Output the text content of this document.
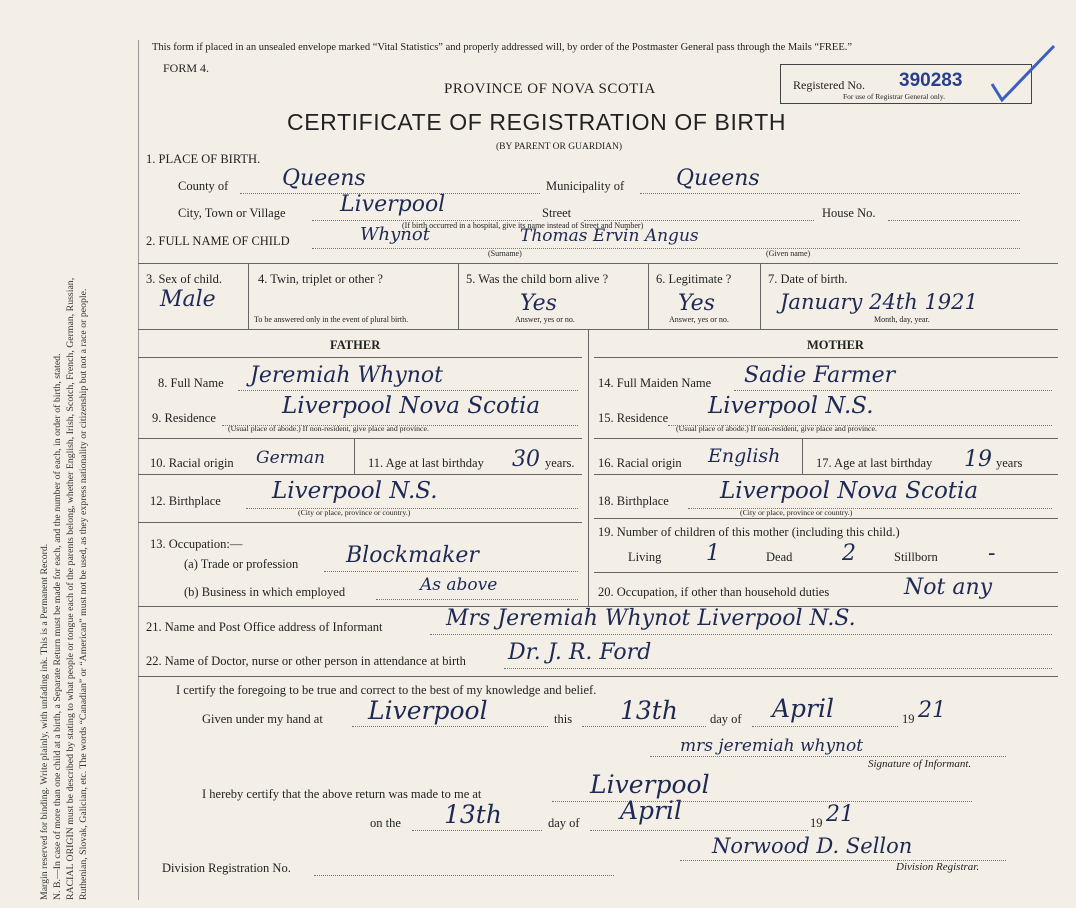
Margin reserved for binding. Write plainly, with unfading ink. This is a Permanent Record. N. B.—In case of more than one child at a birth, a Separate Return must be made for each, and the number of each, in order of birth, stated. RACIAL ORIGIN must be described by stating to what people or tongue each of the parents belong, whether English, Irish, Scotch, French, German, Russian, Ruthenian, Slovak, Galician, etc. The words “Canadian” or “American” must not be used, as they express nationality or citizenship but not a race or people.
This form if placed in an unsealed envelope marked “Vital Statistics” and properly addressed will, by order of the Postmaster General pass through the Mails “FREE.”
FORM 4.
PROVINCE OF NOVA SCOTIA
CERTIFICATE OF REGISTRATION OF BIRTH
(BY PARENT OR GUARDIAN)
Registered No. 390283
For use of Registrar General only.
1. PLACE OF BIRTH.
County of Queens	Municipality of Queens
City, Town or Village Liverpool	Street	House No.
(If birth occurred in a hospital, give its name instead of Street and Number)
2. FULL NAME OF CHILD	Whynot	Thomas Ervin Angus
(Surname)	(Given name)
3. Sex of child.
Male
4. Twin, triplet or other ?
To be answered only in the event of plural birth.
5. Was the child born alive ?
Yes
Answer, yes or no.
6. Legitimate ?
Yes
Answer, yes or no.
7. Date of birth.
January 24th 1921
Month, day, year.
FATHER	MOTHER
8. Full Name Jeremiah Whynot
9. Residence	Liverpool Nova Scotia
(Usual place of abode.) If non-resident, give place and province.
10. Racial origin German	11. Age at last birthday 30 years.
12. Birthplace Liverpool N.S.
(City or place, province or country.)
13. Occupation:—
(a) Trade or profession Blockmaker
(b) Business in which employed	As above
14. Full Maiden Name Sadie Farmer
15. Residence Liverpool N.S.
(Usual place of abode.) If non-resident, give place and province.
16. Racial origin English	17. Age at last birthday 19 years
18. Birthplace Liverpool Nova Scotia
(City or place, province or country.)
19. Number of children of this mother (including this child.)
Living 1	Dead 2	Stillborn -
20. Occupation, if other than household duties	Not any
21. Name and Post Office address of Informant	Mrs Jeremiah Whynot Liverpool N.S.
22. Name of Doctor, nurse or other person in attendance at birth Dr. J. R. Ford
I certify the foregoing to be true and correct to the best of my knowledge and belief.
Given under my hand at Liverpool	this 13th	day of April	19 21
mrs jeremiah whynot
Signature of Informant.
I hereby certify that the above return was made to me at	Liverpool
on the 13th	day of April	19 21
Division Registration No.
Norwood D. Sellon
Division Registrar.
